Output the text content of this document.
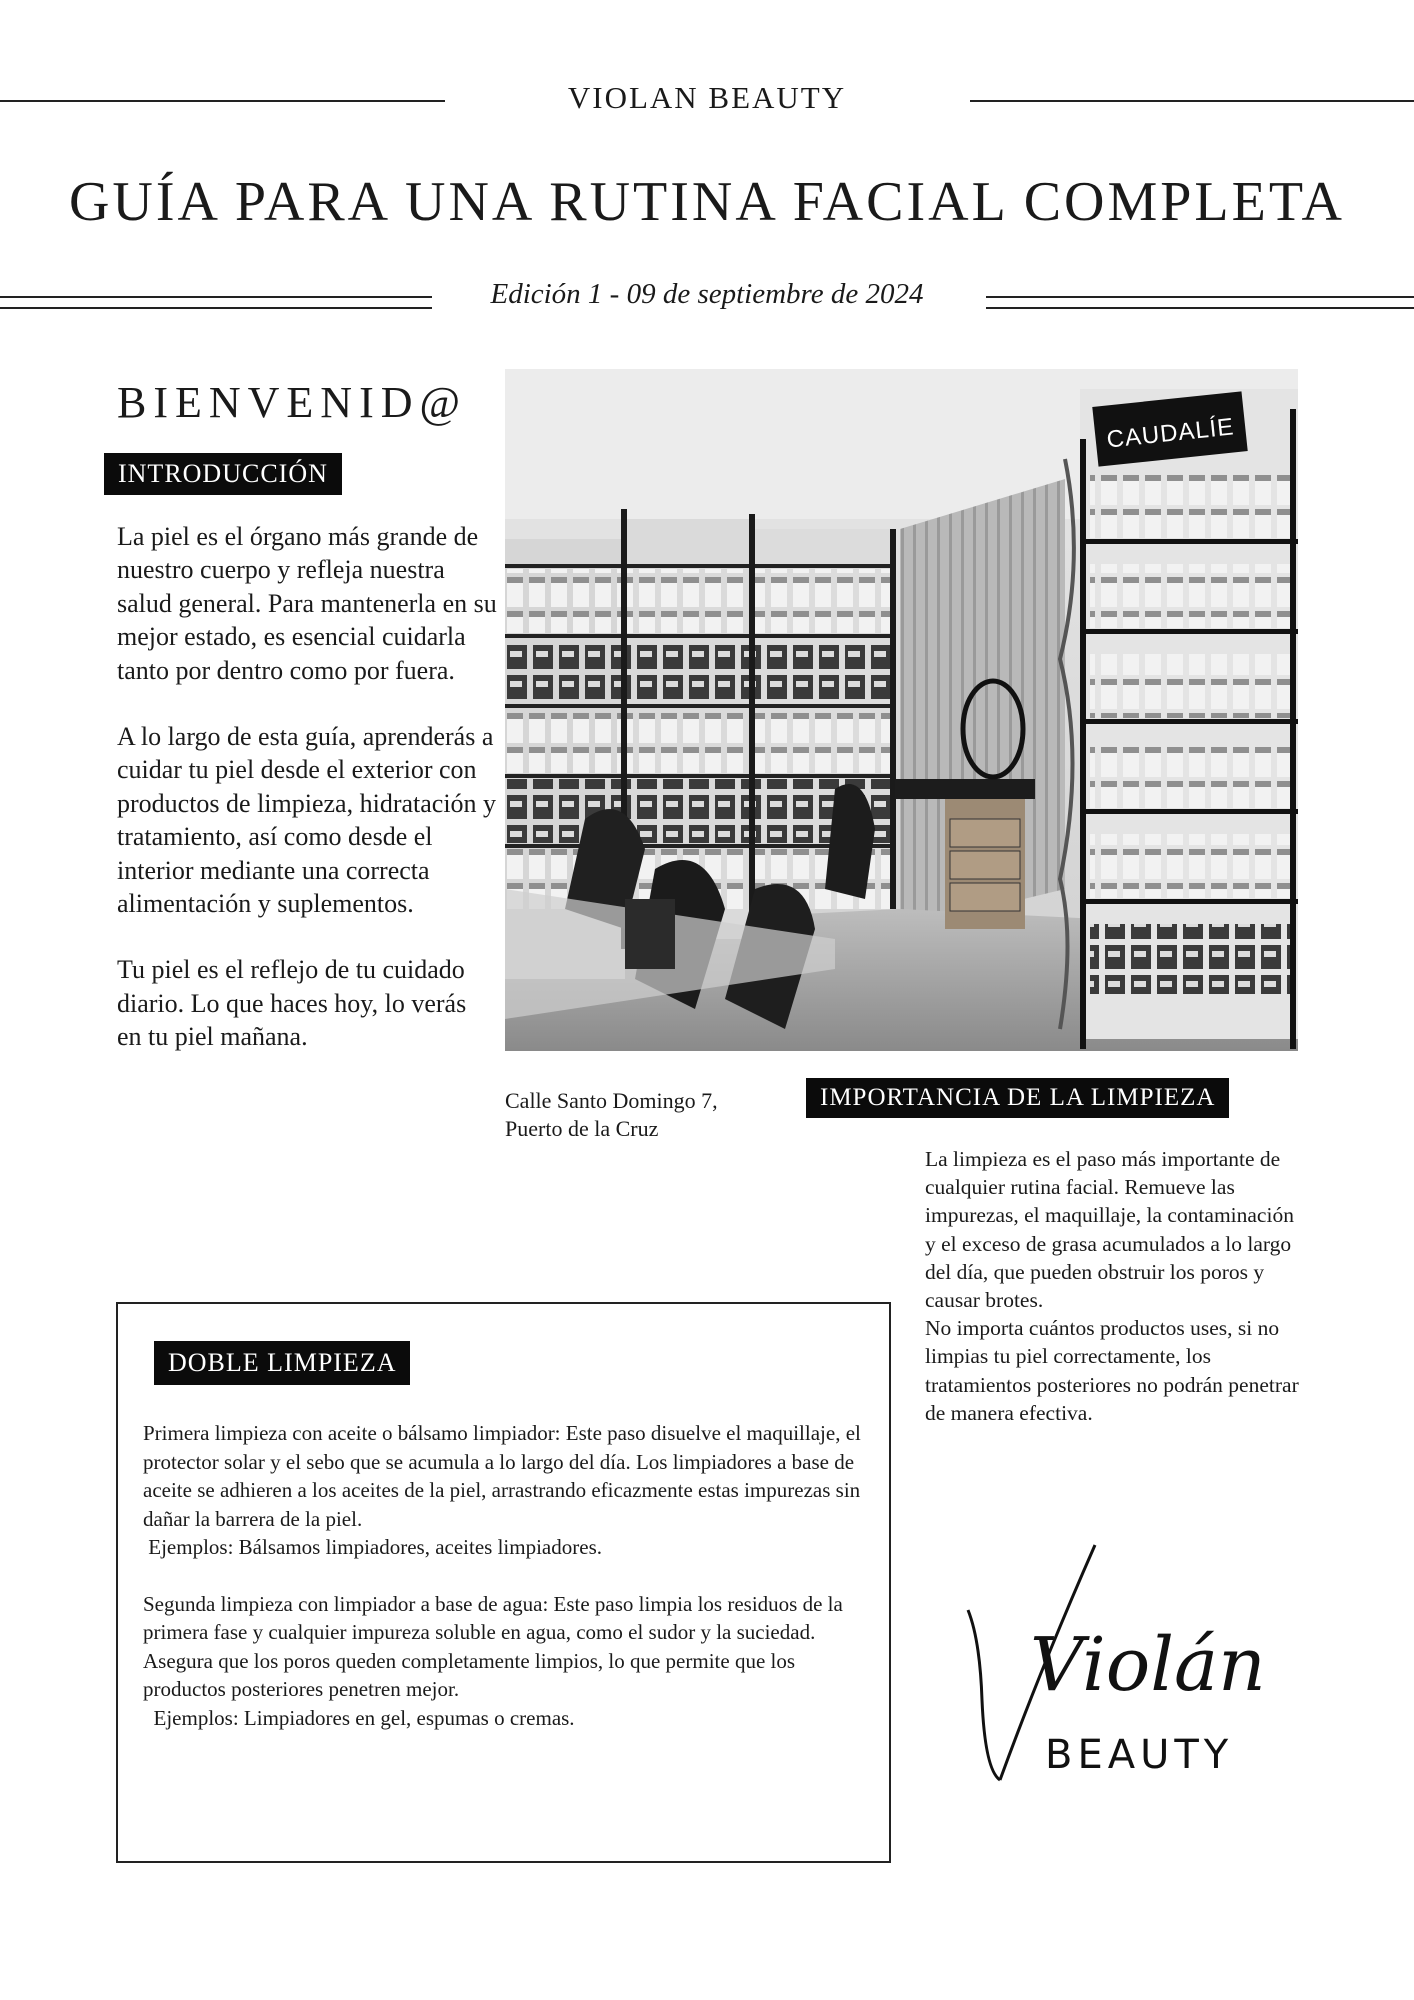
VIOLAN BEAUTY
GUÍA PARA UNA RUTINA FACIAL COMPLETA
Edición 1 - 09 de septiembre de 2024
BIENVENID@
INTRODUCCIÓN

La piel es el órgano más grande de nuestro cuerpo y refleja nuestra salud general. Para mantenerla en su mejor estado, es esencial cuidarla tanto por dentro como por fuera.

A lo largo de esta guía, aprenderás a cuidar tu piel desde el exterior con productos de limpieza, hidratación y tratamiento, así como desde el interior mediante una correcta alimentación y suplementos.

Tu piel es el reflejo de tu cuidado diario. Lo que haces hoy, lo verás en tu piel mañana.

CAUDALÍE
Calle Santo Domingo 7,
Puerto de la Cruz
IMPORTANCIA DE LA LIMPIEZA

La limpieza es el paso más importante de cualquier rutina facial. Remueve las impurezas, el maquillaje, la contaminación y el exceso de grasa acumulados a lo largo del día, que pueden obstruir los poros y causar brotes.

No importa cuántos productos uses, si no limpias tu piel correctamente, los tratamientos posteriores no podrán penetrar de manera efectiva.

DOBLE LIMPIEZA

Primera limpieza con aceite o bálsamo limpiador: Este paso disuelve el maquillaje, el protector solar y el sebo que se acumula a lo largo del día. Los limpiadores a base de aceite se adhieren a los aceites de la piel, arrastrando eficazmente estas impurezas sin dañar la barrera de la piel.

Ejemplos: Bálsamos limpiadores, aceites limpiadores.

Segunda limpieza con limpiador a base de agua: Este paso limpia los residuos de la primera fase y cualquier impureza soluble en agua, como el sudor y la suciedad. Asegura que los poros queden completamente limpios, lo que permite que los productos posteriores penetren mejor.

Ejemplos: Limpiadores en gel, espumas o cremas.

Violán
BEAUTY
